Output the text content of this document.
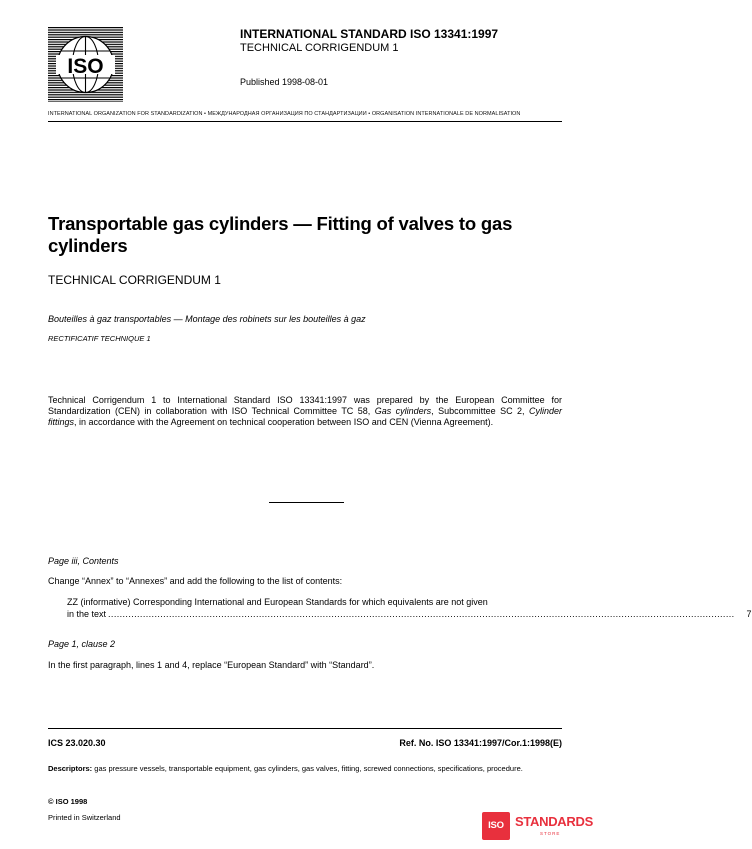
ISO
INTERNATIONAL STANDARD ISO 13341:1997
TECHNICAL CORRIGENDUM 1
Published 1998-08-01
INTERNATIONAL ORGANIZATION FOR STANDARDIZATION • МЕЖДУНАРОДНАЯ ОРГАНИЗАЦИЯ ПО СТАНДАРТИЗАЦИИ • ORGANISATION INTERNATIONALE DE NORMALISATION
Transportable gas cylinders — Fitting of valves to gas cylinders
TECHNICAL CORRIGENDUM 1
Bouteilles à gaz transportables — Montage des robinets sur les bouteilles à gaz
RECTIFICATIF TECHNIQUE 1
Technical Corrigendum 1 to International Standard ISO 13341:1997 was prepared by the European Committee for Standardization (CEN) in collaboration with ISO Technical Committee TC 58, Gas cylinders, Subcommittee SC 2, Cylinder fittings, in accordance with the Agreement on technical cooperation between ISO and CEN (Vienna Agreement).
Page iii, Contents
Change “Annex” to “Annexes” and add the following to the list of contents:
ZZ (informative) Corresponding International and European Standards for which equivalents are not given
in the text ........................................................................................................................................................................................................................	7
Page 1, clause 2
In the first paragraph, lines 1 and 4, replace “European Standard” with “Standard”.
ICS 23.020.30	Ref. No. ISO 13341:1997/Cor.1:1998(E)
Descriptors: gas pressure vessels, transportable equipment, gas cylinders, gas valves, fitting, screwed connections, specifications, procedure.
© ISO 1998
Printed in Switzerland
ISO STANDARDS
STORE
